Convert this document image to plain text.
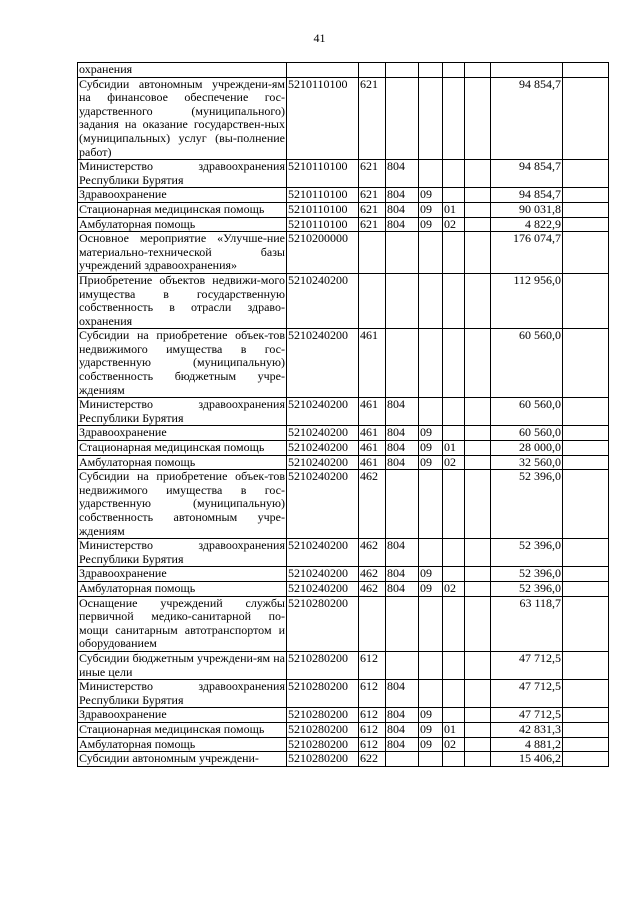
41
охранения								
Субсидии автономным учреждени-ям на финансовое обеспечение гос-ударственного (муниципального) задания на оказание государствен-ных (муниципальных) услуг (вы-полнение работ)	5210110100	621					94 854,7	
Министерство здравоохранения Республики Бурятия	5210110100	621	804				94 854,7	
Здравоохранение	5210110100	621	804	09			94 854,7	
Стационарная медицинская помощь	5210110100	621	804	09	01		90 031,8	
Амбулаторная помощь	5210110100	621	804	09	02		4 822,9	
Основное мероприятие «Улучше-ние материально-технической базы учреждений здравоохранения»	5210200000						176 074,7	
Приобретение объектов недвижи-мого имущества в государственную собственность в отрасли здраво-охранения	5210240200						112 956,0	
Субсидии на приобретение объек-тов недвижимого имущества в гос-ударственную (муниципальную) собственность бюджетным учре-ждениям	5210240200	461					60 560,0	
Министерство здравоохранения Республики Бурятия	5210240200	461	804				60 560,0	
Здравоохранение	5210240200	461	804	09			60 560,0	
Стационарная медицинская помощь	5210240200	461	804	09	01		28 000,0	
Амбулаторная помощь	5210240200	461	804	09	02		32 560,0	
Субсидии на приобретение объек-тов недвижимого имущества в гос-ударственную (муниципальную) собственность автономным учре-ждениям	5210240200	462					52 396,0	
Министерство здравоохранения Республики Бурятия	5210240200	462	804				52 396,0	
Здравоохранение	5210240200	462	804	09			52 396,0	
Амбулаторная помощь	5210240200	462	804	09	02		52 396,0	
Оснащение учреждений службы первичной медико-санитарной по-мощи санитарным автотранспортом и оборудованием	5210280200						63 118,7	
Субсидии бюджетным учреждени-ям на иные цели	5210280200	612					47 712,5	
Министерство здравоохранения Республики Бурятия	5210280200	612	804				47 712,5	
Здравоохранение	5210280200	612	804	09			47 712,5	
Стационарная медицинская помощь	5210280200	612	804	09	01		42 831,3	
Амбулаторная помощь	5210280200	612	804	09	02		4 881,2	
Субсидии автономным учреждени-	5210280200	622					15 406,2	
